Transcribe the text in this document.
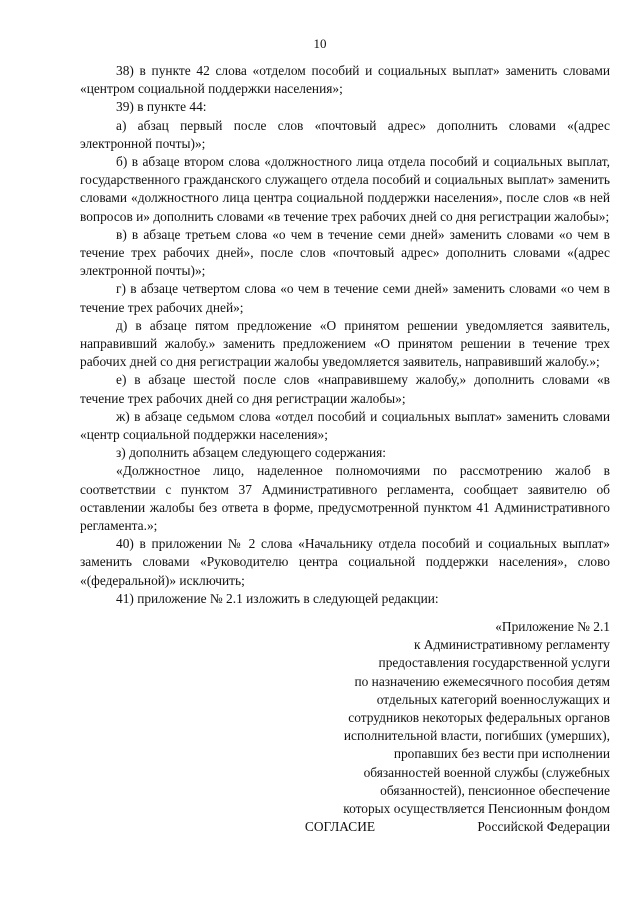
10

38) в пункте 42 слова «отделом пособий и социальных выплат» заменить словами «центром социальной поддержки населения»;

39) в пункте 44:

а) абзац первый после слов «почтовый адрес» дополнить словами «(адрес электронной почты)»;

б) в абзаце втором слова «должностного лица отдела пособий и социальных выплат, государственного гражданского служащего отдела пособий и социальных выплат» заменить словами «должностного лица центра социальной поддержки населения», после слов «в ней вопросов и» дополнить словами «в течение трех рабочих дней со дня регистрации жалобы»;

в) в абзаце третьем слова «о чем в течение семи дней» заменить словами «о чем в течение трех рабочих дней», после слов «почтовый адрес» дополнить словами «(адрес электронной почты)»;

г) в абзаце четвертом слова «о чем в течение семи дней» заменить словами «о чем в течение трех рабочих дней»;

д) в абзаце пятом предложение «О принятом решении уведомляется заявитель, направивший жалобу.» заменить предложением «О принятом решении в течение трех рабочих дней со дня регистрации жалобы уведомляется заявитель, направивший жалобу.»;

е) в абзаце шестой после слов «направившему жалобу,» дополнить словами «в течение трех рабочих дней со дня регистрации жалобы»;

ж) в абзаце седьмом слова «отдел пособий и социальных выплат» заменить словами «центр социальной поддержки населения»;

з) дополнить абзацем следующего содержания:

«Должностное лицо, наделенное полномочиями по рассмотрению жалоб в соответствии с пунктом 37 Административного регламента, сообщает заявителю об оставлении жалобы без ответа в форме, предусмотренной пунктом 41 Административного регламента.»;

40) в приложении № 2 слова «Начальнику отдела пособий и социальных выплат» заменить словами «Руководителю центра социальной поддержки населения», слово «(федеральной)» исключить;

41) приложение № 2.1 изложить в следующей редакции:

«Приложение № 2.1
к Административному регламенту
предоставления государственной услуги
по назначению ежемесячного пособия детям
отдельных категорий военнослужащих и
сотрудников некоторых федеральных органов
исполнительной власти, погибших (умерших),
пропавших без вести при исполнении
обязанностей военной службы (служебных
обязанностей), пенсионное обеспечение
которых осуществляется Пенсионным фондом
Российской Федерации
СОГЛАСИЕ
